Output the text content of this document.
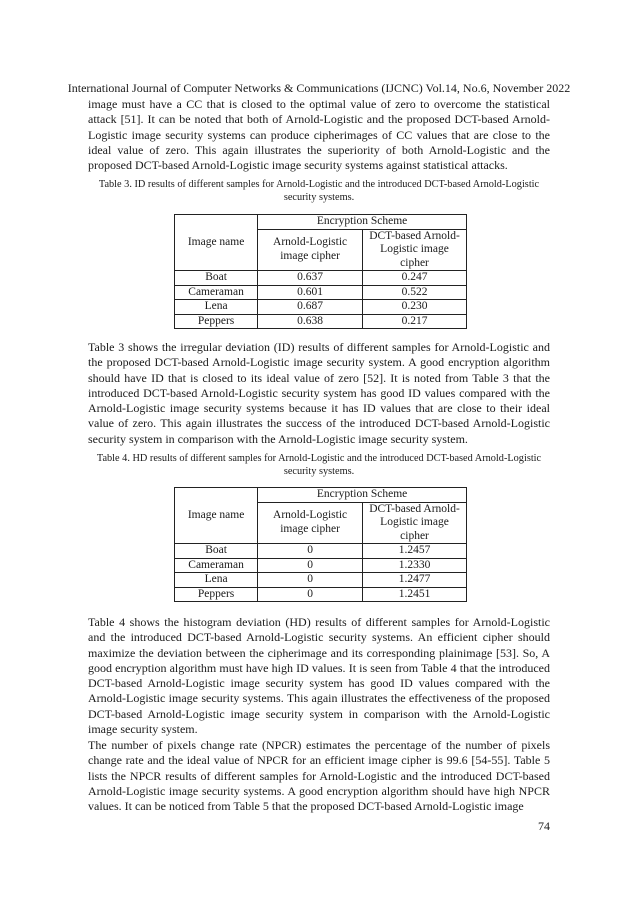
International Journal of Computer Networks & Communications (IJCNC) Vol.14, No.6, November 2022

image must have a CC that is closed to the optimal value of zero to overcome the statistical attack [51]. It can be noted that both of Arnold-Logistic and the proposed DCT-based Arnold-Logistic image security systems can produce cipherimages of CC values that are close to the ideal value of zero. This again illustrates the superiority of both Arnold-Logistic and the proposed DCT-based Arnold-Logistic image security systems against statistical attacks.

Table 3. ID results of different samples for Arnold-Logistic and the introduced DCT-based Arnold-Logistic security systems.

Image name	Encryption Scheme	
	Arnold-Logistic image cipher	DCT-based Arnold-Logistic image cipher
Boat	0.637	0.247
Cameraman	0.601	0.522
Lena	0.687	0.230
Peppers	0.638	0.217

Table 3 shows the irregular deviation (ID) results of different samples for Arnold-Logistic and the proposed DCT-based Arnold-Logistic image security system. A good encryption algorithm should have ID that is closed to its ideal value of zero [52]. It is noted from Table 3 that the introduced DCT-based Arnold-Logistic security system has good ID values compared with the Arnold-Logistic image security systems because it has ID values that are close to their ideal value of zero. This again illustrates the success of the introduced DCT-based Arnold-Logistic security system in comparison with the Arnold-Logistic image security system.

Table 4. HD results of different samples for Arnold-Logistic and the introduced DCT-based Arnold-Logistic security systems.

Image name	Encryption Scheme	
	Arnold-Logistic image cipher	DCT-based Arnold-Logistic image cipher
Boat	0	1.2457
Cameraman	0	1.2330
Lena	0	1.2477
Peppers	0	1.2451

Table 4 shows the histogram deviation (HD) results of different samples for Arnold-Logistic and the introduced DCT-based Arnold-Logistic security systems. An efficient cipher should maximize the deviation between the cipherimage and its corresponding plainimage [53]. So, A good encryption algorithm must have high ID values. It is seen from Table 4 that the introduced DCT-based Arnold-Logistic image security system has good ID values compared with the Arnold-Logistic image security systems. This again illustrates the effectiveness of the proposed DCT-based Arnold-Logistic image security system in comparison with the Arnold-Logistic image security system.

The number of pixels change rate (NPCR) estimates the percentage of the number of pixels change rate and the ideal value of NPCR for an efficient image cipher is 99.6 [54-55]. Table 5 lists the NPCR results of different samples for Arnold-Logistic and the introduced DCT-based Arnold-Logistic image security systems. A good encryption algorithm should have high NPCR values. It can be noticed from Table 5 that the proposed DCT-based Arnold-Logistic image

74
